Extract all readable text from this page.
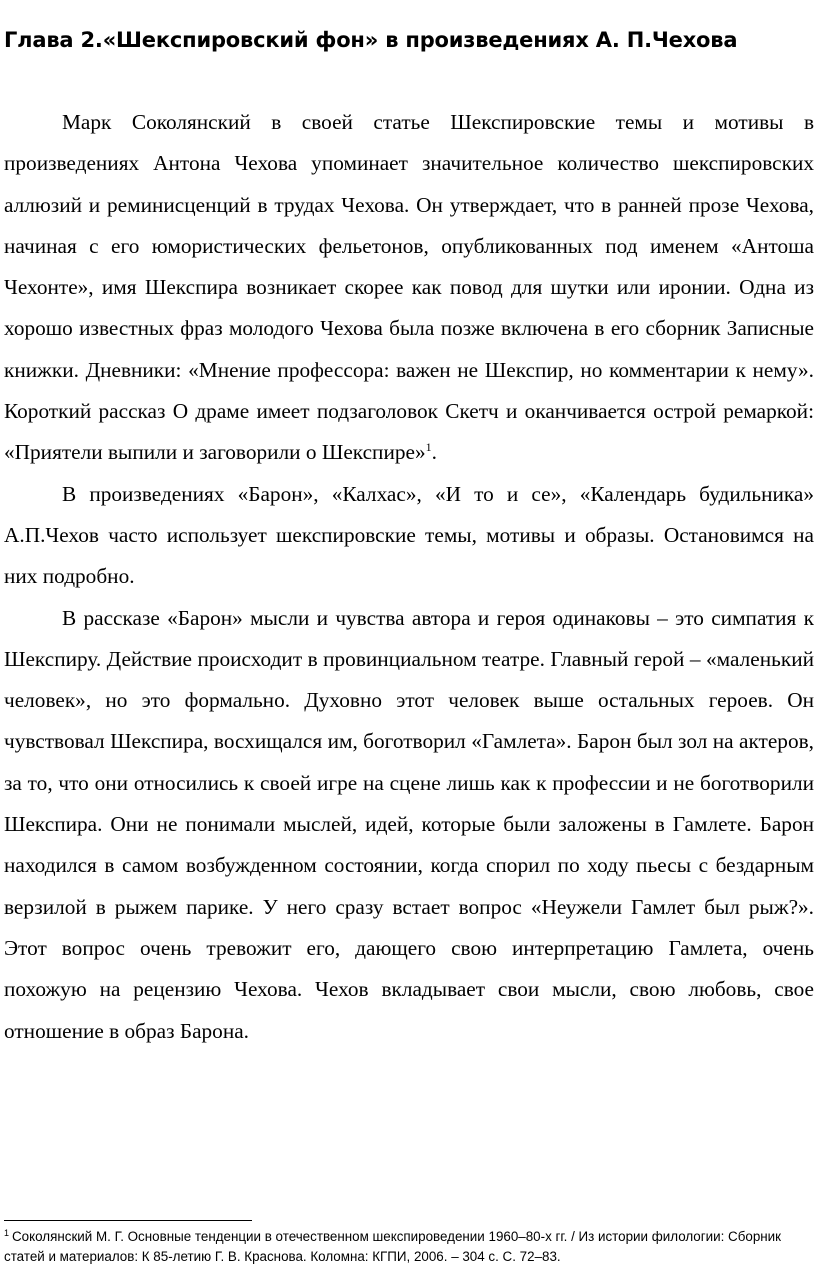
Глава 2.«Шекспировский фон» в произведениях А. П.Чехова

Марк Соколянский в своей статье Шекспировские темы и мотивы в произведениях Антона Чехова упоминает значительное количество шекспировских аллюзий и реминисценций в трудах Чехова. Он утверждает, что в ранней прозе Чехова, начиная с его юмористических фельетонов, опубликованных под именем «Антоша Чехонте», имя Шекспира возникает скорее как повод для шутки или иронии. Одна из хорошо известных фраз молодого Чехова была позже включена в его сборник Записные книжки. Дневники: «Мнение профессора: важен не Шекспир, но комментарии к нему». Короткий рассказ О драме имеет подзаголовок Скетч и оканчивается острой ремаркой: «Приятели выпили и заговорили о Шекспире»$^1$.

В произведениях «Барон», «Калхас», «И то и се», «Календарь будильника» А.П.Чехов часто использует шекспировские темы, мотивы и образы. Остановимся на них подробно.

В рассказе «Барон» мысли и чувства автора и героя одинаковы – это симпатия к Шекспиру. Действие происходит в провинциальном театре. Главный герой – «маленький человек», но это формально. Духовно этот человек выше остальных героев. Он чувствовал Шекспира, восхищался им, боготворил «Гамлета». Барон был зол на актеров, за то, что они относились к своей игре на сцене лишь как к профессии и не боготворили Шекспира. Они не понимали мыслей, идей, которые были заложены в Гамлете. Барон находился в самом возбужденном состоянии, когда спорил по ходу пьесы с бездарным верзилой в рыжем парике. У него сразу встает вопрос «Неужели Гамлет был рыж?». Этот вопрос очень тревожит его, дающего свою интерпретацию Гамлета, очень похожую на рецензию Чехова. Чехов вкладывает свои мысли, свою любовь, свое отношение в образ Барона.

$^1$ Соколянский М. Г. Основные тенденции в отечественном шекспироведении 1960–80-х гг. / Из истории филологии: Сборник статей и материалов: К 85-летию Г. В. Краснова. Коломна: КГПИ, 2006. – 304 с. С. 72–83.
